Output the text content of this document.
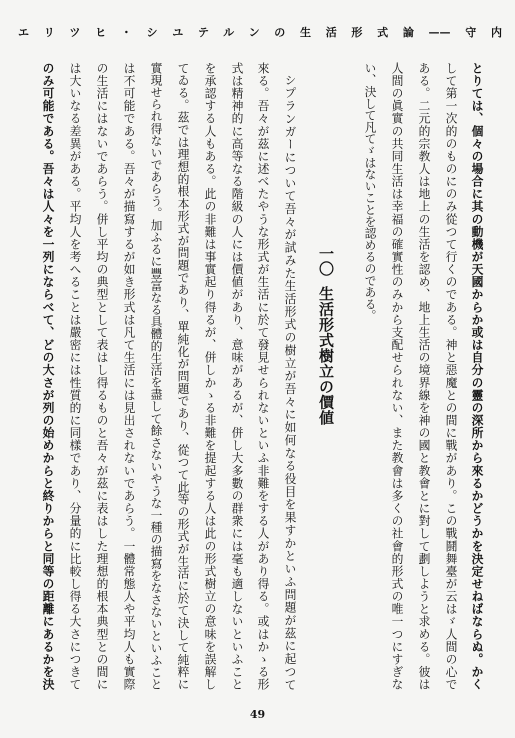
エリツヒ・シユテルンの生活形式論——守内

とりては、個々の場合に其の動機が天國からか或は自分の靈の深所から來るかどうかを決定せねばならぬ。かく

して第一次的のものにのみ從つて行くのである。神と惡魔との間に戰があり。この戰鬪舞臺が云はゞ人間の心で

ある。二元的宗教人は地上の生活を認め、地上生活の境界線を神の國と教會とに對して劃しようと求める。彼は

人間の眞實の共同生活は幸福の確實性のみから支配せられない、また教會は多くの社會的形式の唯一つにすぎな

い、決して凡てゞはないことを認めるのである。

一〇生活形式樹立の價値

シプランガーについて吾々が試みた生活形式の樹立が吾々に如何なる役目を果すかといふ問題が茲に起つて

來る。吾々が茲に述べたやうな形式が生活に於て發見せられないといふ非難をする人があり得る。或はかゝる形

式は精神的に高等なる階級の人には價値があり、意味があるが、併し大多數の群衆には毫も適しないといふこと

を承認する人もある。此の非難は事實起り得るが、併しかゝる非難を提起する人は此の形式樹立の意味を誤解し

てゐる。茲では理想的根本形式が問題であり、單純化が問題であり、從つて此等の形式が生活に於て決して純粹に

實現せられ得ないであらう。加ふるに豐富なる具體的生活を盡して餘さないやうな一種の描寫をなさないといふこと

は不可能である。吾々が描寫するが如き形式は凡て生活には見出されないであらう。一體常態人や平均人も實際

の生活にはないであらう。併し平均の典型として表はし得るものと吾々が茲に表はした理想的根本典型との間に

は大いなる差異がある。平均人を考へることは嚴密には性質的に同樣であり、分量的に比較し得る大さにつきて

のみ可能である。吾々は人々を一列にならべて、どの大さが列の始めからと終りからと同等の距離にあるかを決

49
